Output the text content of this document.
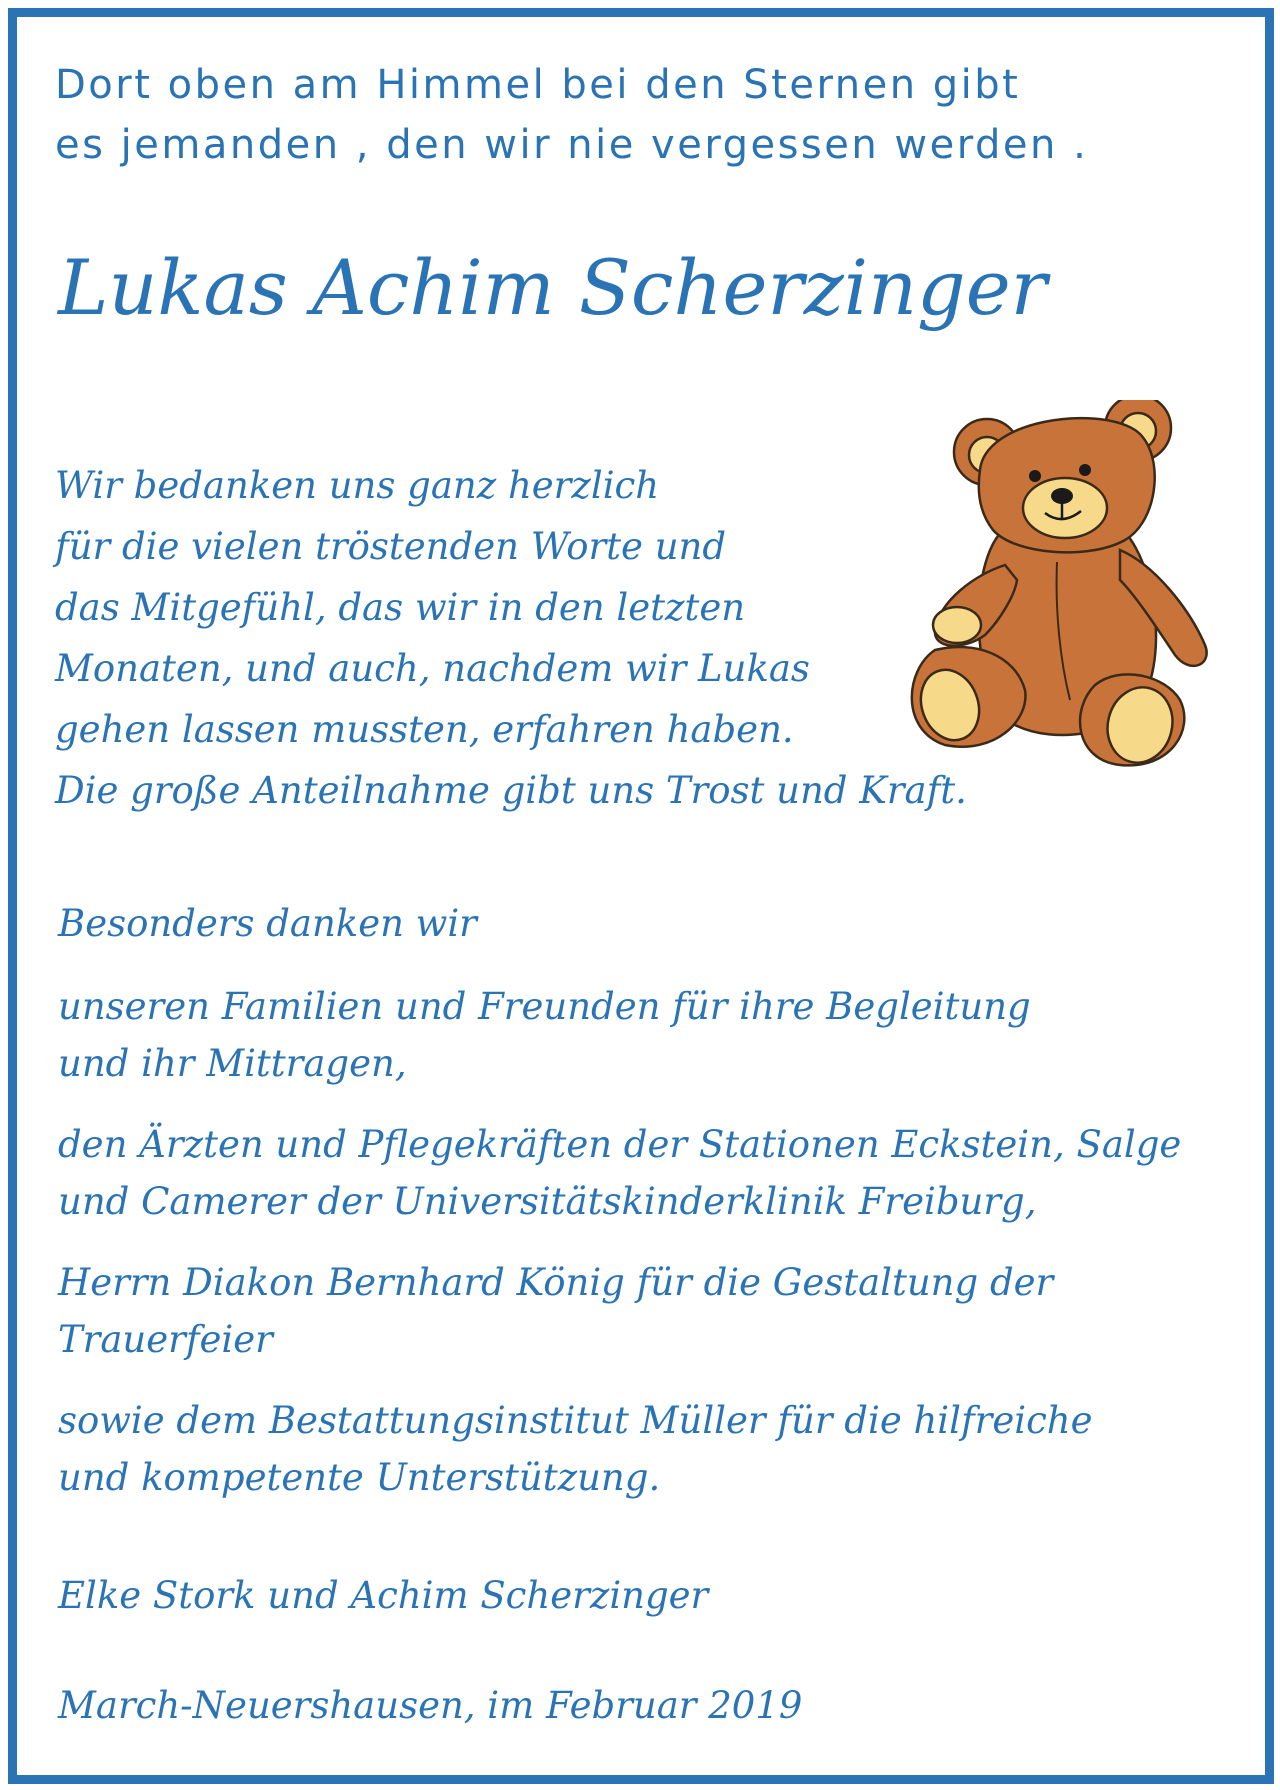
Dort oben am Himmel bei den Sternen gibt
es jemanden , den wir nie vergessen werden .
Lukas Achim Scherzinger
Wir bedanken uns ganz herzlich
für die vielen tröstenden Worte und
das Mitgefühl, das wir in den letzten
Monaten, und auch, nachdem wir Lukas
gehen lassen mussten, erfahren haben.
Die große Anteilnahme gibt uns Trost und Kraft.
Besonders danken wir
unseren Familien und Freunden für ihre Begleitung
und ihr Mittragen,
den Ärzten und Pflegekräften der Stationen Eckstein, Salge
und Camerer der Universitätskinderklinik Freiburg,
Herrn Diakon Bernhard König für die Gestaltung der
Trauerfeier
sowie dem Bestattungsinstitut Müller für die hilfreiche
und kompetente Unterstützung.
Elke Stork und Achim Scherzinger
March-Neuershausen, im Februar 2019
